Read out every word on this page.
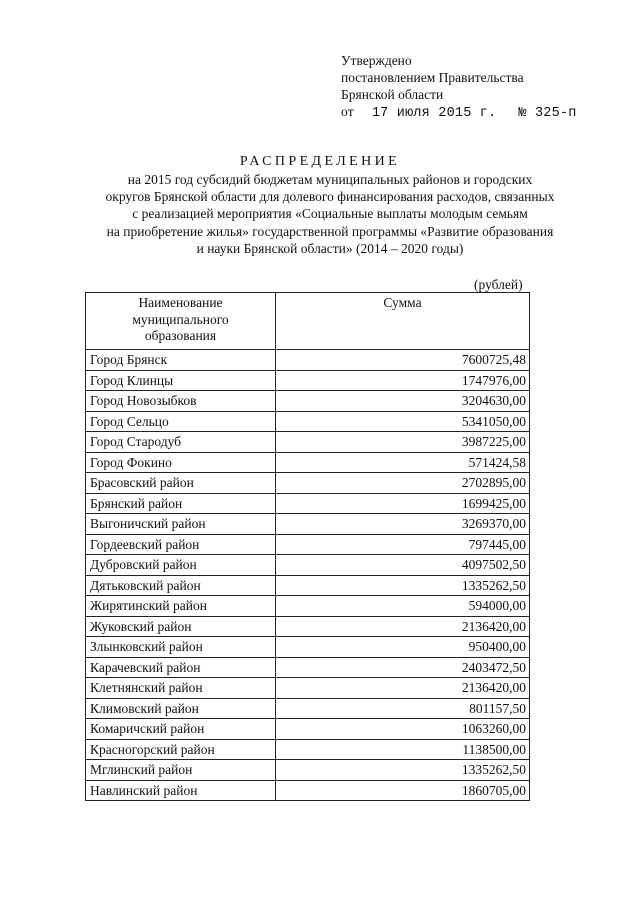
Утверждено
постановлением Правительства
Брянской области
от 17 июля 2015 г. № 325-п
РАСПРЕДЕЛЕНИЕ
на 2015 год субсидий бюджетам муниципальных районов и городских
округов Брянской области для долевого финансирования расходов, связанных
с реализацией мероприятия «Социальные выплаты молодым семьям
на приобретение жилья» государственной программы «Развитие образования
и науки Брянской области» (2014 – 2020 годы)
(рублей)
Наименование
муниципального
образования	Сумма
Город Брянск	7600725,48
Город Клинцы	1747976,00
Город Новозыбков	3204630,00
Город Сельцо	5341050,00
Город Стародуб	3987225,00
Город Фокино	571424,58
Брасовский район	2702895,00
Брянский район	1699425,00
Выгоничский район	3269370,00
Гордеевский район	797445,00
Дубровский район	4097502,50
Дятьковский район	1335262,50
Жирятинский район	594000,00
Жуковский район	2136420,00
Злынковский район	950400,00
Карачевский район	2403472,50
Клетнянский район	2136420,00
Климовский район	801157,50
Комаричский район	1063260,00
Красногорский район	1138500,00
Мглинский район	1335262,50
Навлинский район	1860705,00
